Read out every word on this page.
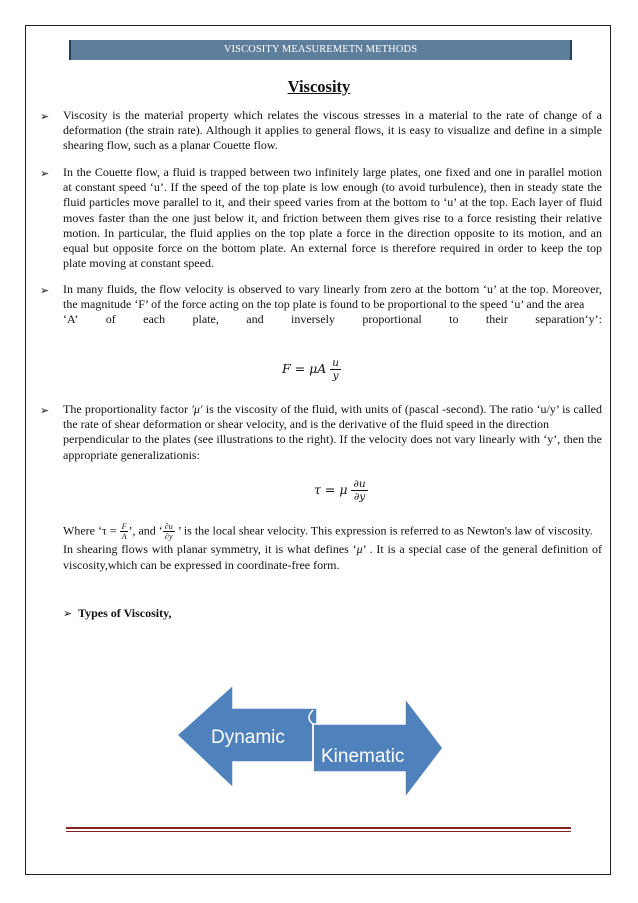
VISCOSITY MEASUREMETN METHODS
Viscosity
➢ Viscosity is the material property which relates the viscous stresses in a material to the rate of change of a deformation (the strain rate). Although it applies to general flows, it is easy to visualize and define in a simple shearing flow, such as a planar Couette flow.
➢ In the Couette flow, a fluid is trapped between two infinitely large plates, one fixed and one in parallel motion at constant speed ‘u’. If the speed of the top plate is low enough (to avoid turbulence), then in steady state the fluid particles move parallel to it, and their speed varies from at the bottom to ‘u’ at the top. Each layer of fluid moves faster than the one just below it, and friction between them gives rise to a force resisting their relative motion. In particular, the fluid applies on the top plate a force in the direction opposite to its motion, and an equal but opposite force on the bottom plate. An external force is therefore required in order to keep the top plate moving at constant speed.
➢ In many fluids, the flow velocity is observed to vary linearly from zero at the bottom ‘u’ at the top. Moreover, the magnitude ‘F’ of the force acting on the top plate is found to be proportional to the speed ‘u’ and the area
‘A’ of each plate, and inversely proportional to their separation‘y’:
F = μA $\frac{u}{y}$
➢ The proportionality factor ′μ′ is the viscosity of the fluid, with units of (pascal -second). The ratio ‘u/y’ is called the rate of shear deformation or shear velocity, and is the derivative of the fluid speed in the direction
perpendicular to the plates (see illustrations to the right). If the velocity does not vary linearly with ‘y’, then the appropriate generalizationis:
τ = μ $\frac{\partial u}{\partial y}$
Where ‘$\tau = \frac{F}{A}$ ’, and ‘ $\frac{\partial u}{\partial y}$ ’ is the local shear velocity. This expression is referred to as Newton's law of viscosity.
In shearing flows with planar symmetry, it is what defines ‘μ’ . It is a special case of the general definition of viscosity,which can be expressed in coordinate-free form.
➢ Types of Viscosity,
Dynamic
Kinematic
